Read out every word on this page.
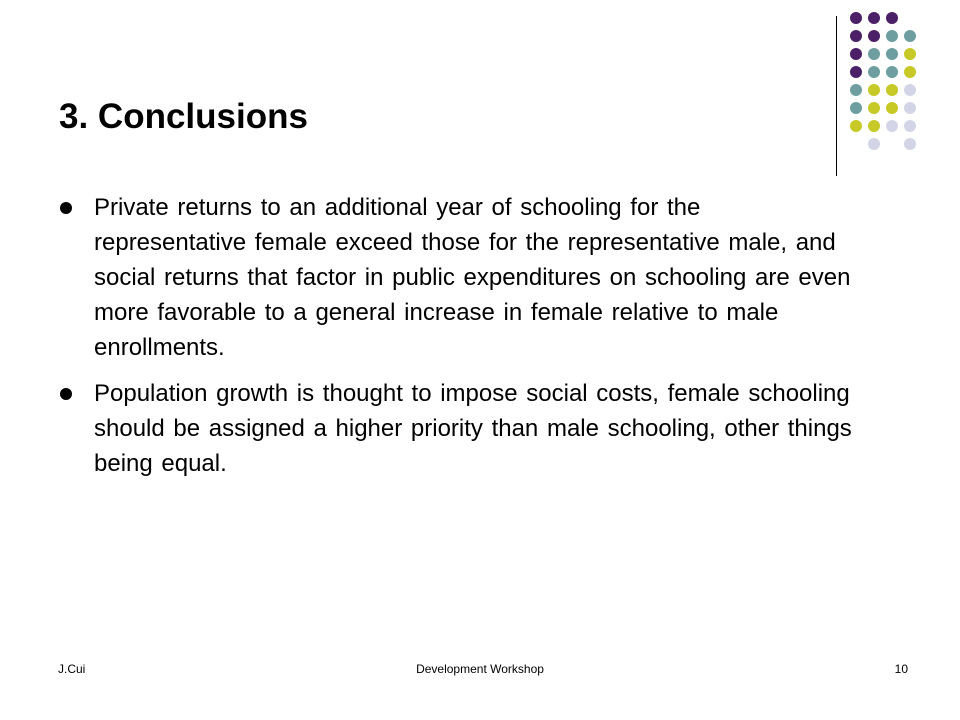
3. Conclusions
Private returns to an additional year of schooling for the representative female exceed those for the representative male, and social returns that factor in public expenditures on schooling are even more favorable to a general increase in female relative to male enrollments.
Population growth is thought to impose social costs, female schooling should be assigned a higher priority than male schooling, other things being equal.
J.Cui	Development Workshop	10
